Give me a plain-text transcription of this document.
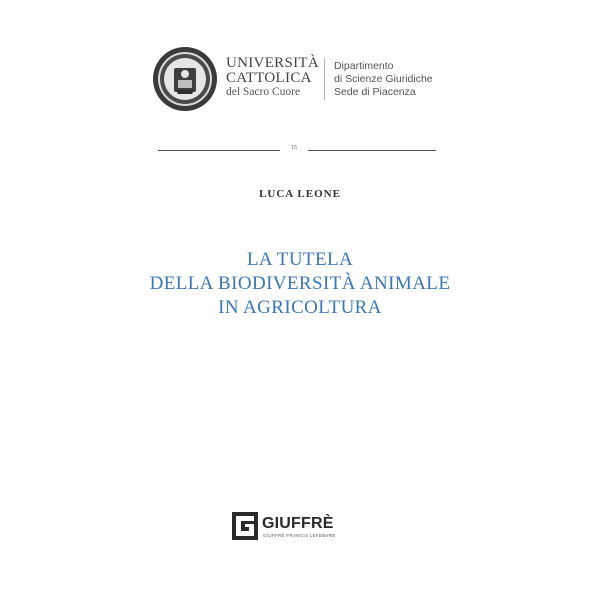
UNIVERSITÀ
CATTOLICA
del Sacro Cuore
Dipartimento
di Scienze Giuridiche
Sede di Piacenza
15
LUCA LEONE
LA TUTELA
DELLA BIODIVERSITÀ ANIMALE
IN AGRICOLTURA
GIUFFRÈ
GIUFFRÈ FRANCIS LEFEBVRE
